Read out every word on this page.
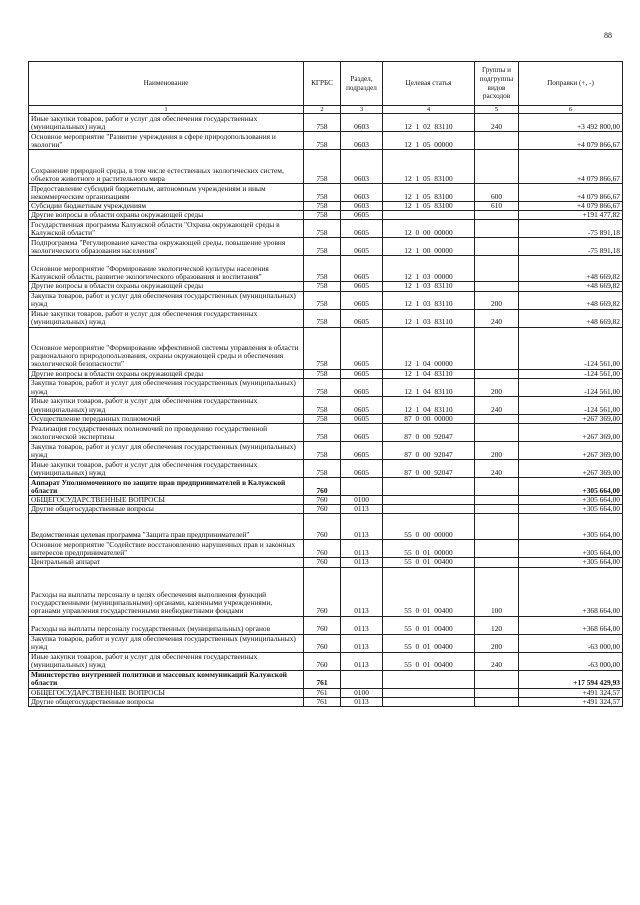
88
Наименование	КГРБС	Раздел, подраздел	Целевая статья	Группы и подгруппы видов расходов	Поправки (+, -)
1	2	3	4	5	6
Иные закупки товаров, работ и услуг для обеспечения государственных (муниципальных) нужд	758	0603	12 1 02 83110	240	+3 492 800,00
Основное мероприятие "Развитие учреждения в сфере природопользования и экологии"	758	0603	12 1 05 00000		+4 079 866,67
Сохранение природной среды, в том числе естественных экологических систем, объектов животного и растительного мира	758	0603	12 1 05 83100		+4 079 866,67
Предоставление субсидий бюджетным, автономным учреждениям и иным некоммерческим организациям	758	0603	12 1 05 83100	600	+4 079 866,67
Субсидии бюджетным учреждениям	758	0603	12 1 05 83100	610	+4 079 866,67
Другие вопросы в области охраны окружающей среды	758	0605			+191 477,82
Государственная программа Калужской области "Охрана окружающей среды в Калужской области"	758	0605	12 0 00 00000		-75 891,18
Подпрограмма "Регулирование качества окружающей среды, повышение уровня экологического образования населения"	758	0605	12 1 00 00000		-75 891,18
Основное мероприятие "Формирование экологической культуры населения Калужской области, развитие экологического образования и воспитания"	758	0605	12 1 03 00000		+48 669,82
Другие вопросы в области охраны окружающей среды	758	0605	12 1 03 83110		+48 669,82
Закупка товаров, работ и услуг для обеспечения государственных (муниципальных) нужд	758	0605	12 1 03 83110	200	+48 669,82
Иные закупки товаров, работ и услуг для обеспечения государственных (муниципальных) нужд	758	0605	12 1 03 83110	240	+48 669,82
Основное мероприятие "Формирование эффективной системы управления в области рационального природопользования, охраны окружающей среды и обеспечения экологической безопасности"	758	0605	12 1 04 00000		-124 561,00
Другие вопросы в области охраны окружающей среды	758	0605	12 1 04 83110		-124 561,00
Закупка товаров, работ и услуг для обеспечения государственных (муниципальных) нужд	758	0605	12 1 04 83110	200	-124 561,00
Иные закупки товаров, работ и услуг для обеспечения государственных (муниципальных) нужд	758	0605	12 1 04 83110	240	-124 561,00
Осуществление переданных полномочий	758	0605	87 0 00 00000		+267 369,00
Реализация государственных полномочий по проведению государственной экологической экспертизы	758	0605	87 0 00 92047		+267 369,00
Закупка товаров, работ и услуг для обеспечения государственных (муниципальных) нужд	758	0605	87 0 00 92047	200	+267 369,00
Иные закупки товаров, работ и услуг для обеспечения государственных (муниципальных) нужд	758	0605	87 0 00 92047	240	+267 369,00
Аппарат Уполномоченного по защите прав предпринимателей в Калужской области	760				+305 664,00
ОБЩЕГОСУДАРСТВЕННЫЕ ВОПРОСЫ	760	0100			+305 664,00
Другие общегосударственные вопросы	760	0113			+305 664,00
Ведомственная целевая программа "Защита прав предпринимателей"	760	0113	55 0 00 00000		+305 664,00
Основное мероприятие "Содействие восстановлению нарушенных прав и законных интересов предпринимателей"	760	0113	55 0 01 00000		+305 664,00
Центральный аппарат	760	0113	55 0 01 00400		+305 664,00
Расходы на выплаты персоналу в целях обеспечения выполнения функций государственными (муниципальными) органами, казенными учреждениями, органами управления государственными внебюджетными фондами	760	0113	55 0 01 00400	100	+368 664,00
Расходы на выплаты персоналу государственных (муниципальных) органов	760	0113	55 0 01 00400	120	+368 664,00
Закупка товаров, работ и услуг для обеспечения государственных (муниципальных) нужд	760	0113	55 0 01 00400	200	-63 000,00
Иные закупки товаров, работ и услуг для обеспечения государственных (муниципальных) нужд	760	0113	55 0 01 00400	240	-63 000,00
Министерство внутренней политики и массовых коммуникаций Калужской области	761				+17 594 429,93
ОБЩЕГОСУДАРСТВЕННЫЕ ВОПРОСЫ	761	0100			+491 324,57
Другие общегосударственные вопросы	761	0113			+491 324,57
